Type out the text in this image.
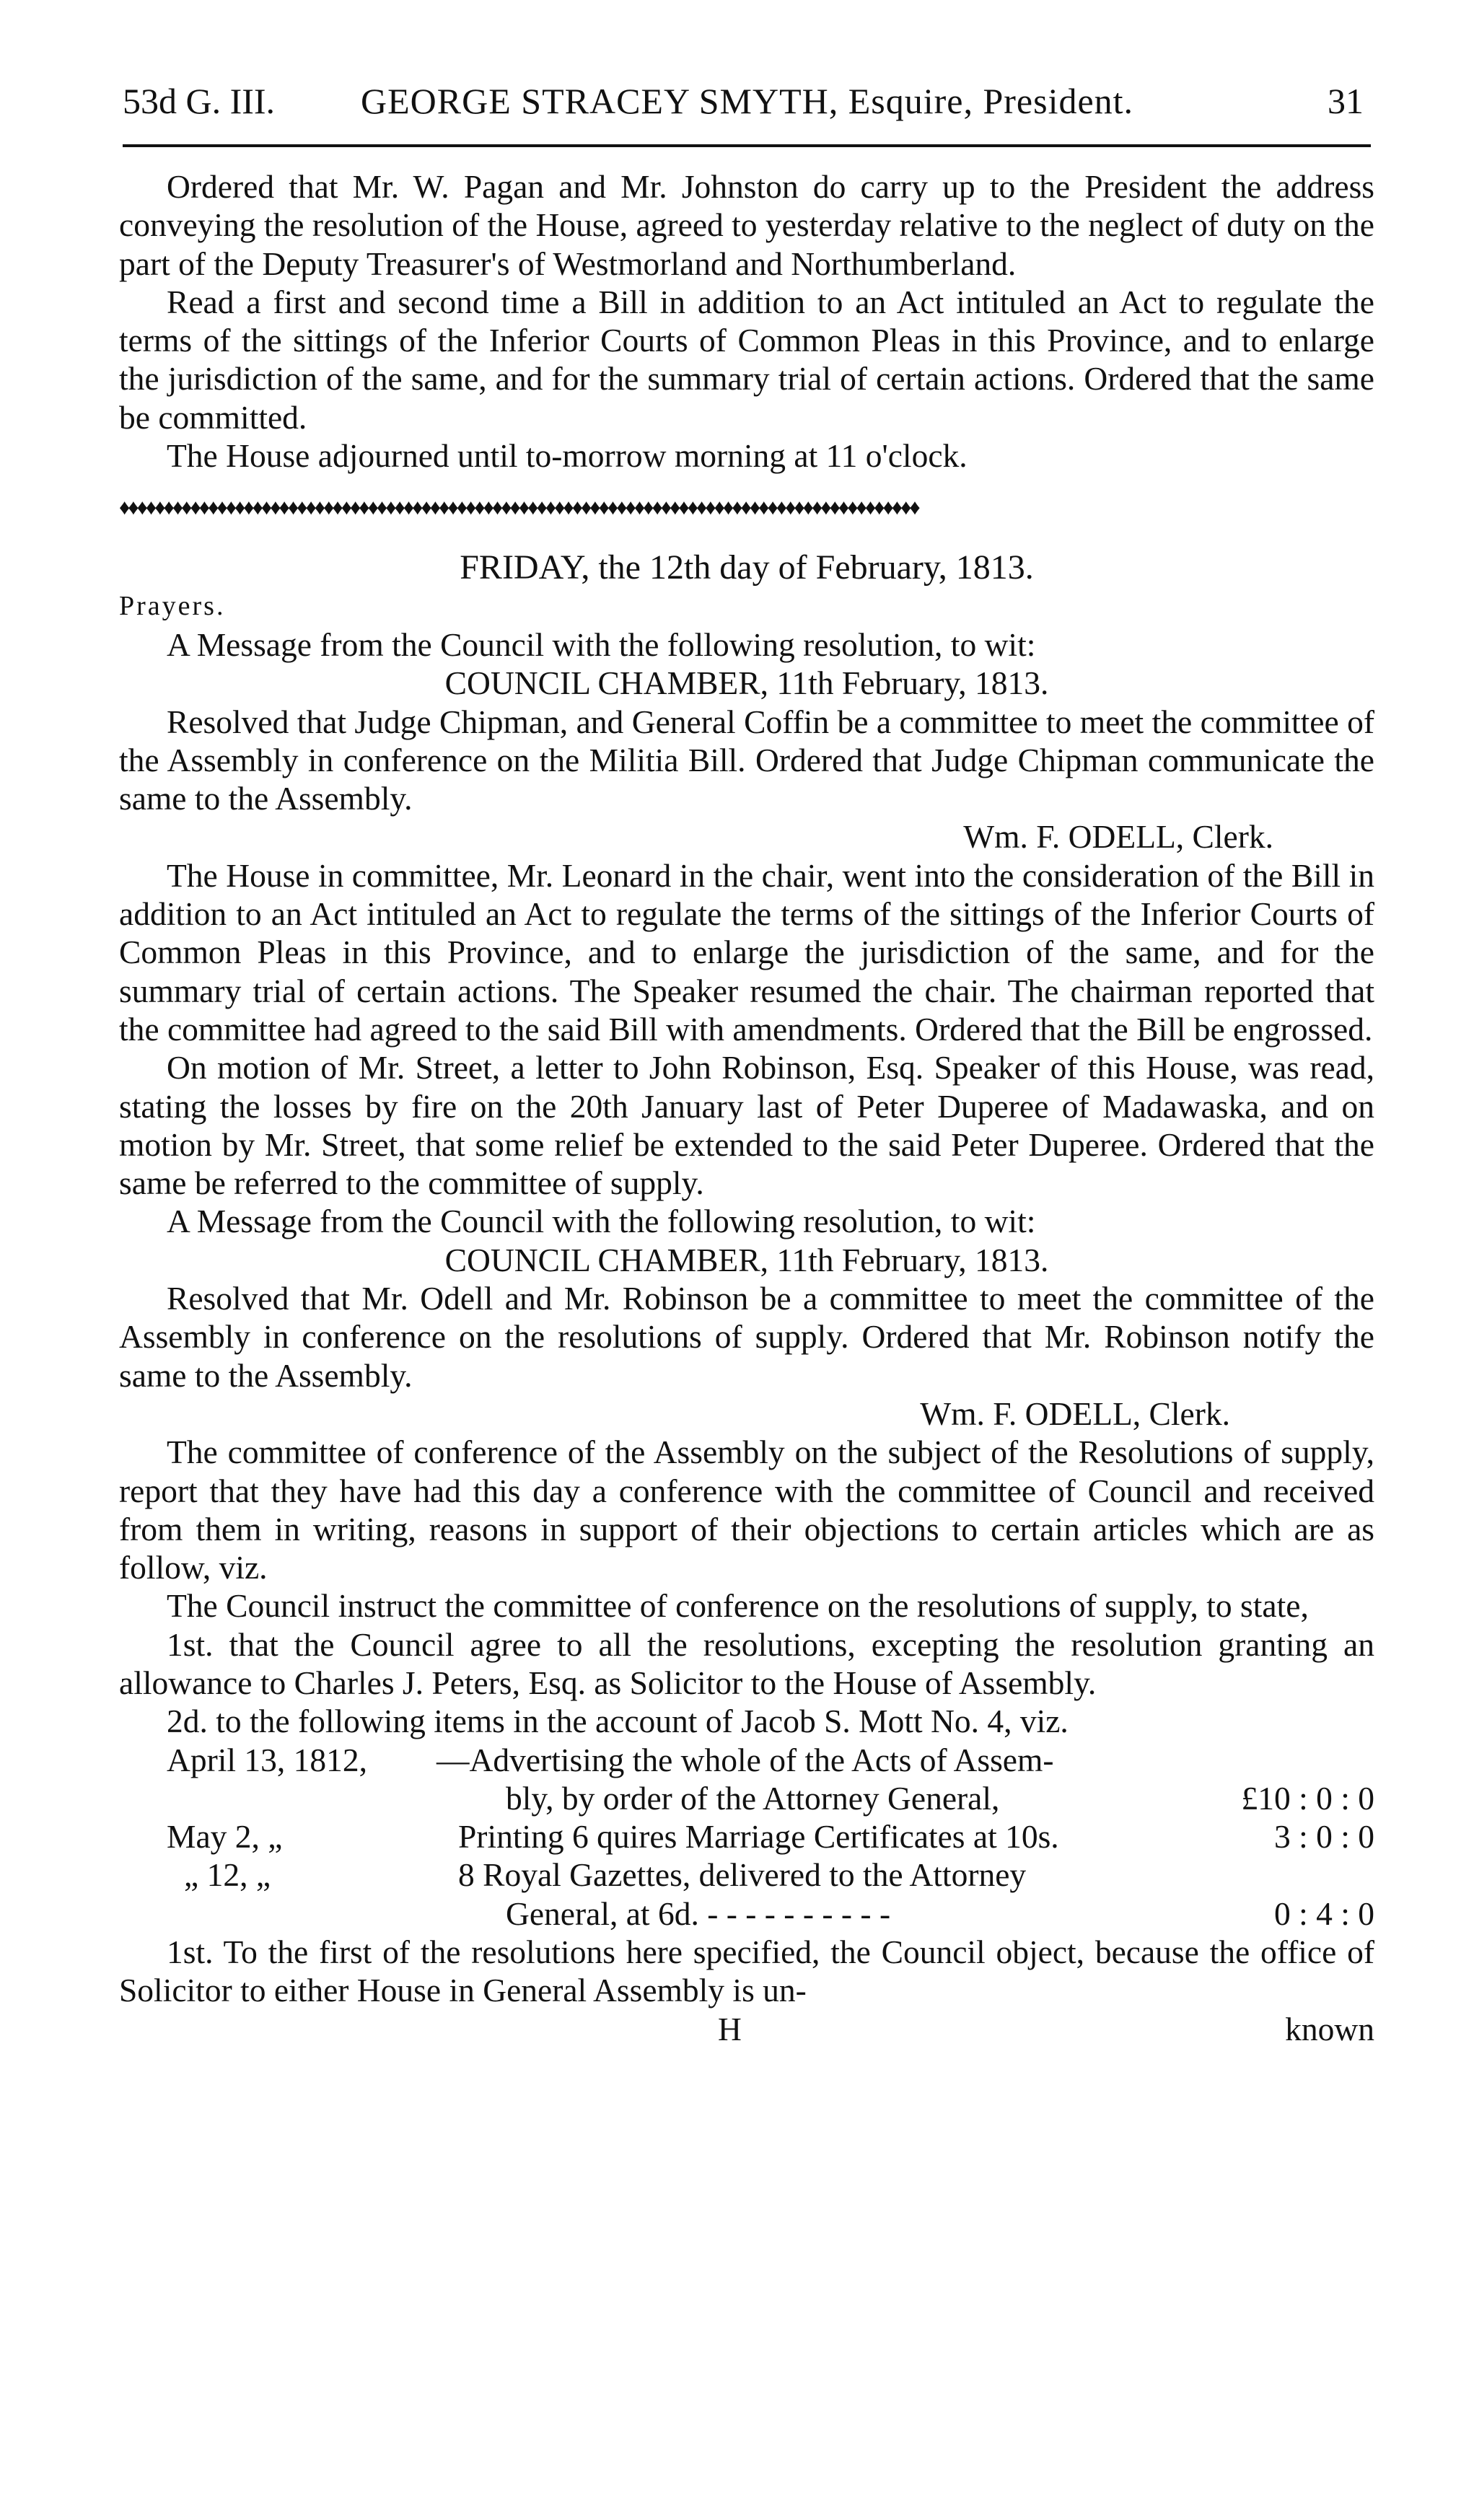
53d G. III. GEORGE STRACEY SMYTH, Esquire, President.	31

Ordered that Mr. W. Pagan and Mr. Johnston do carry up to the President the address conveying the resolution of the House, agreed to yesterday relative to the neglect of duty on the part of the Deputy Treasurer's of Westmorland and Northumberland.

Read a first and second time a Bill in addition to an Act intituled an Act to regulate the terms of the sittings of the Inferior Courts of Common Pleas in this Province, and to enlarge the jurisdiction of the same, and for the summary trial of certain actions. Ordered that the same be committed.

The House adjourned until to-morrow morning at 11 o'clock.

♦♦♦♦♦♦♦♦♦♦♦♦♦♦♦♦♦♦♦♦♦♦♦♦♦♦♦♦♦♦♦♦♦♦♦♦♦♦♦♦♦♦♦♦♦♦♦♦♦♦♦♦♦♦♦♦♦♦♦♦♦♦♦♦♦♦♦♦♦♦♦♦♦♦♦♦♦♦♦♦♦♦♦♦♦♦♦♦♦♦

FRIDAY, the 12th day of February, 1813.

Prayers.

A Message from the Council with the following resolution, to wit:

COUNCIL CHAMBER, 11th February, 1813.

Resolved that Judge Chipman, and General Coffin be a committee to meet the committee of the Assembly in conference on the Militia Bill. Ordered that Judge Chipman communicate the same to the Assembly.

Wm. F. ODELL, Clerk.

The House in committee, Mr. Leonard in the chair, went into the consideration of the Bill in addition to an Act intituled an Act to regulate the terms of the sittings of the Inferior Courts of Common Pleas in this Province, and to enlarge the jurisdiction of the same, and for the summary trial of certain actions. The Speaker resumed the chair. The chairman reported that the committee had agreed to the said Bill with amendments. Ordered that the Bill be engrossed.

On motion of Mr. Street, a letter to John Robinson, Esq. Speaker of this House, was read, stating the losses by fire on the 20th January last of Peter Duperee of Madawaska, and on motion by Mr. Street, that some relief be extended to the said Peter Duperee. Ordered that the same be referred to the committee of supply.

A Message from the Council with the following resolution, to wit:

COUNCIL CHAMBER, 11th February, 1813.

Resolved that Mr. Odell and Mr. Robinson be a committee to meet the committee of the Assembly in conference on the resolutions of supply. Ordered that Mr. Robinson notify the same to the Assembly.

Wm. F. ODELL, Clerk.

The committee of conference of the Assembly on the subject of the Resolutions of supply, report that they have had this day a conference with the committee of Council and received from them in writing, reasons in support of their objections to certain articles which are as follow, viz.

The Council instruct the committee of conference on the resolutions of supply, to state,

1st. that the Council agree to all the resolutions, excepting the resolution granting an allowance to Charles J. Peters, Esq. as Solicitor to the House of Assembly.

2d. to the following items in the account of Jacob S. Mott No. 4, viz.

April 13, 1812, —Advertising the whole of the Acts of Assem-
bly, by order of the Attorney General,	£10 : 0 : 0
May 2, „	Printing 6 quires Marriage Certificates at 10s.	3 : 0 : 0
„ 12, „	8 Royal Gazettes, delivered to the Attorney
General, at 6d. - - - - - - - - - -	0 : 4 : 0

1st. To the first of the resolutions here specified, the Council object, because the office of Solicitor to either House in General Assembly is un-

H	known
